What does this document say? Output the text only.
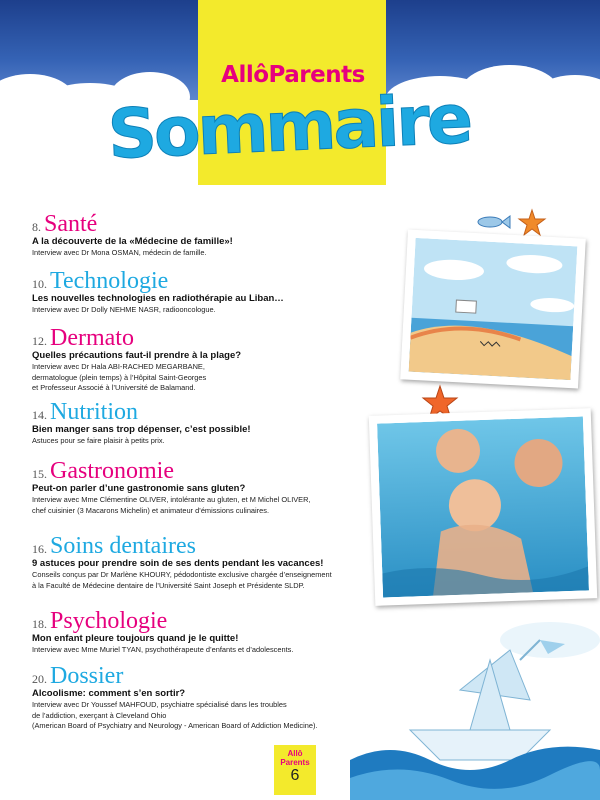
AllôParents
Sommaire
8. Santé
A la découverte de la «Médecine de famille»!
Interview avec Dr Mona OSMAN, médecin de famille.
10. Technologie
Les nouvelles technologies en radiothérapie au Liban…
Interview avec Dr Dolly NEHME NASR, radiooncologue.
12. Dermato
Quelles précautions faut-il prendre à la plage?
Interview avec Dr Hala ABI-RACHED MEGARBANE,
dermatologue (plein temps) à l’Hôpital Saint-Georges
et Professeur Associé à l’Université de Balamand.
14. Nutrition
Bien manger sans trop dépenser, c’est possible!
Astuces pour se faire plaisir à petits prix.
15. Gastronomie
Peut-on parler d’une gastronomie sans gluten?
Interview avec Mme Clémentine OLIVER, intolérante au gluten, et M Michel OLIVER,
chef cuisinier (3 Macarons Michelin) et animateur d’émissions culinaires.
16. Soins dentaires
9 astuces pour prendre soin de ses dents pendant les vacances!
Conseils conçus par Dr Marlène KHOURY, pédodontiste exclusive chargée d’enseignement
à la Faculté de Médecine dentaire de l’Université Saint Joseph et Présidente SLDP.
18. Psychologie
Mon enfant pleure toujours quand je le quitte!
Interview avec Mme Muriel TYAN, psychothérapeute d’enfants et d’adolescents.
20. Dossier
Alcoolisme: comment s’en sortir?
Interview avec Dr Youssef MAHFOUD, psychiatre spécialisé dans les troubles
de l’addiction, exerçant à Cleveland Ohio
(American Board of Psychiatry and Neurology - American Board of Addiction Medicine).
Allô
Parents
6
